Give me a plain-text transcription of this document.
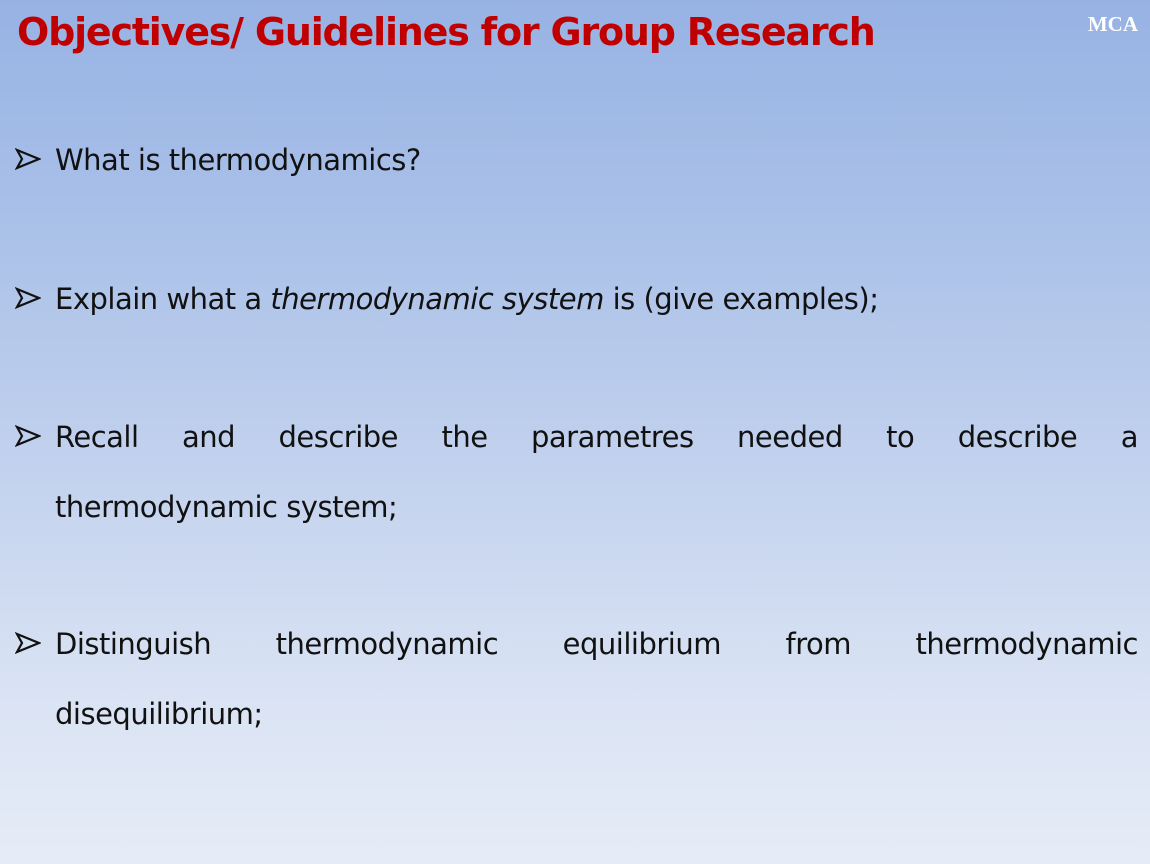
Objectives/ Guidelines for Group Research	MCA
What is thermodynamics?
Explain what a thermodynamic system is (give examples);
Recall and describe the parametres needed to describe a
thermodynamic system;
Distinguish thermodynamic equilibrium from thermodynamic
disequilibrium;
